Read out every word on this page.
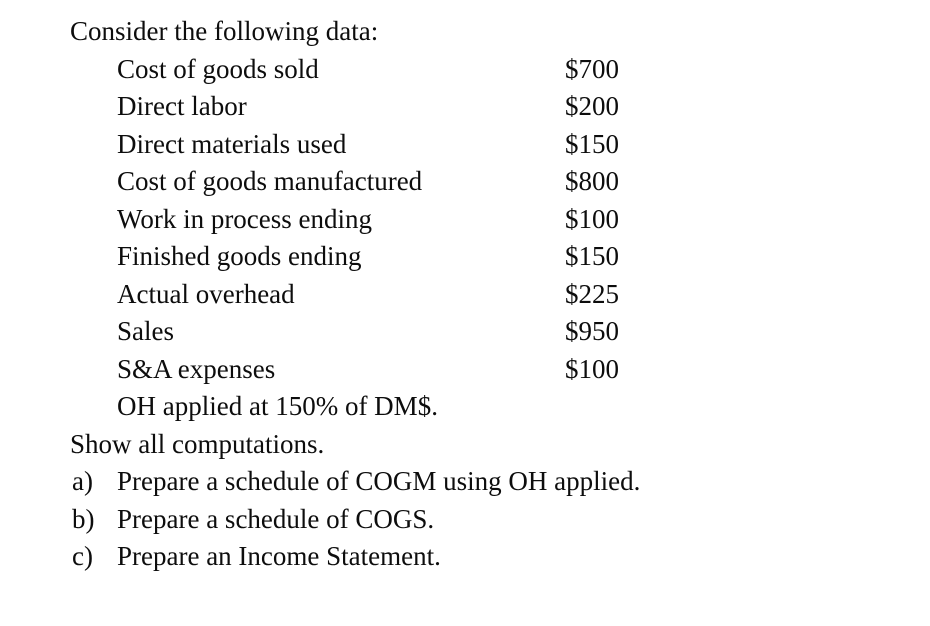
Consider the following data:
Cost of goods sold	$700
Direct labor	$200
Direct materials used	$150
Cost of goods manufactured	$800
Work in process ending	$100
Finished goods ending	$150
Actual overhead	$225
Sales	$950
S&A expenses	$100
OH applied at 150% of DM$.
Show all computations.
a) Prepare a schedule of COGM using OH applied.
b) Prepare a schedule of COGS.
c) Prepare an Income Statement.
